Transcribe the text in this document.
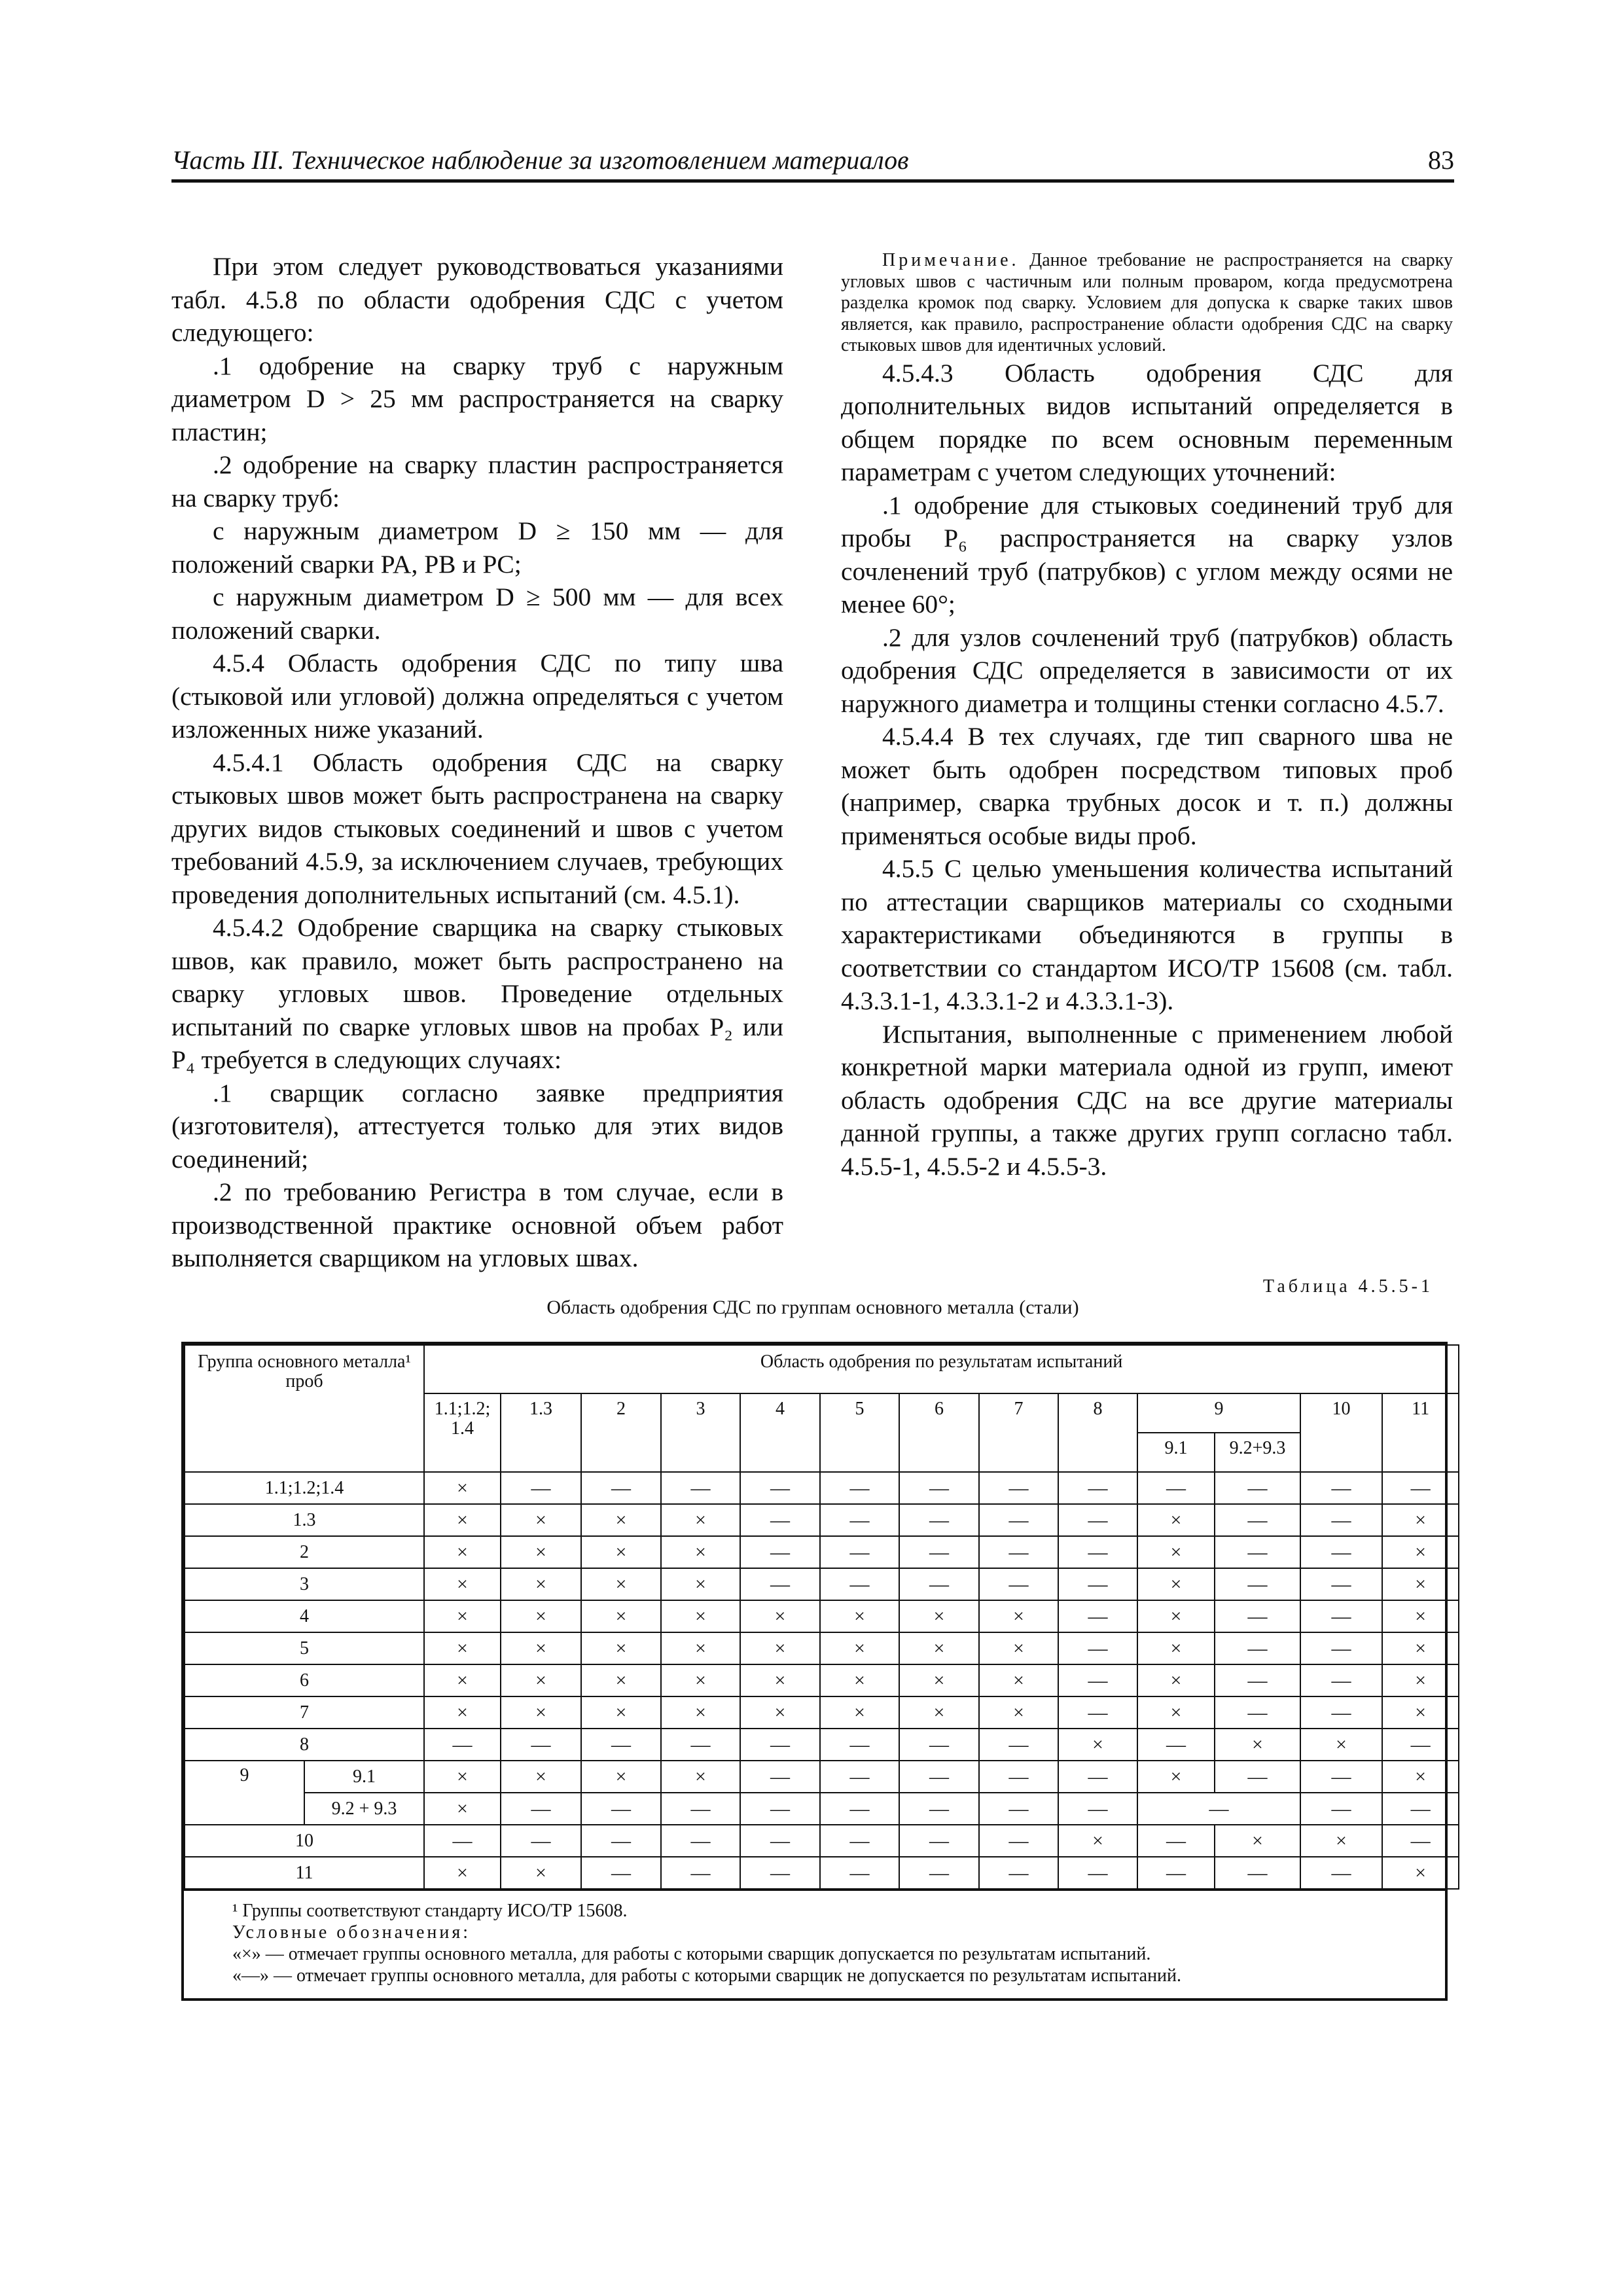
Часть III. Техническое наблюдение за изготовлением материалов	83

При этом следует руководствоваться указаниями табл. 4.5.8 по области одобрения СДС с учетом следующего:

.1 одобрение на сварку труб с наружным диаметром D > 25 мм распространяется на сварку пластин;

.2 одобрение на сварку пластин распространяется на сварку труб:

с наружным диаметром D ≥ 150 мм — для положений сварки PA, PB и PC;

с наружным диаметром D ≥ 500 мм — для всех положений сварки.

4.5.4 Область одобрения СДС по типу шва (стыковой или угловой) должна определяться с учетом изложенных ниже указаний.

4.5.4.1 Область одобрения СДС на сварку стыковых швов может быть распространена на сварку других видов стыковых соединений и швов с учетом требований 4.5.9, за исключением случаев, требующих проведения дополнительных испытаний (см. 4.5.1).

4.5.4.2 Одобрение сварщика на сварку стыковых швов, как правило, может быть распространено на сварку угловых швов. Проведение отдельных испытаний по сварке угловых швов на пробах P₂ или P₄ требуется в следующих случаях:

.1 сварщик согласно заявке предприятия (изготовителя), аттестуется только для этих видов соединений;

.2 по требованию Регистра в том случае, если в производственной практике основной объем работ выполняется сварщиком на угловых швах.

Примечание. Данное требование не распространяется на сварку угловых швов с частичным или полным проваром, когда предусмотрена разделка кромок под сварку. Условием для допуска к сварке таких швов является, как правило, распространение области одобрения СДС на сварку стыковых швов для идентичных условий.

4.5.4.3 Область одобрения СДС для дополнительных видов испытаний определяется в общем порядке по всем основным переменным параметрам с учетом следующих уточнений:

.1 одобрение для стыковых соединений труб для пробы P₆ распространяется на сварку узлов сочленений труб (патрубков) с углом между осями не менее 60°;

.2 для узлов сочленений труб (патрубков) область одобрения СДС определяется в зависимости от их наружного диаметра и толщины стенки согласно 4.5.7.

4.5.4.4 В тех случаях, где тип сварного шва не может быть одобрен посредством типовых проб (например, сварка трубных досок и т. п.) должны применяться особые виды проб.

4.5.5 С целью уменьшения количества испытаний по аттестации сварщиков материалы со сходными характеристиками объединяются в группы в соответствии со стандартом ИСО/ТР 15608 (см. табл. 4.3.3.1-1, 4.3.3.1-2 и 4.3.3.1-3).

Испытания, выполненные с применением любой конкретной марки материала одной из групп, имеют область одобрения СДС на все другие материалы данной группы, а также других групп согласно табл. 4.5.5-1, 4.5.5-2 и 4.5.5-3.

Таблица 4.5.5-1
Область одобрения СДС по группам основного металла (стали)
Группа основного металла¹ проб		Область одобрения по результатам испытаний												
		1.1;1.2; 1.4	1.3	2	3	4	5	6	7	8	9		10	11
											9.1	9.2+9.3		
1.1;1.2;1.4		×	—	—	—	—	—	—	—	—	—	—	—	—
1.3		×	×	×	×	—	—	—	—	—	×	—	—	×
2		×	×	×	×	—	—	—	—	—	×	—	—	×
3		×	×	×	×	—	—	—	—	—	×	—	—	×
4		×	×	×	×	×	×	×	×	—	×	—	—	×
5		×	×	×	×	×	×	×	×	—	×	—	—	×
6		×	×	×	×	×	×	×	×	—	×	—	—	×
7		×	×	×	×	×	×	×	×	—	×	—	—	×
8		—	—	—	—	—	—	—	—	×	—	×	×	—
9	9.1	×	×	×	×	—	—	—	—	—	×	—	—	×
	9.2 + 9.3	×	—	—	—	—	—	—	—	—	—		—	—
10		—	—	—	—	—	—	—	—	×	—	×	×	—
11		×	×	—	—	—	—	—	—	—	—	—	—	×

¹ Группы соответствуют стандарту ИСО/ТР 15608.

Условные обозначения:

«×» — отмечает группы основного металла, для работы с которыми сварщик допускается по результатам испытаний.

«—» — отмечает группы основного металла, для работы с которыми сварщик не допускается по результатам испытаний.
